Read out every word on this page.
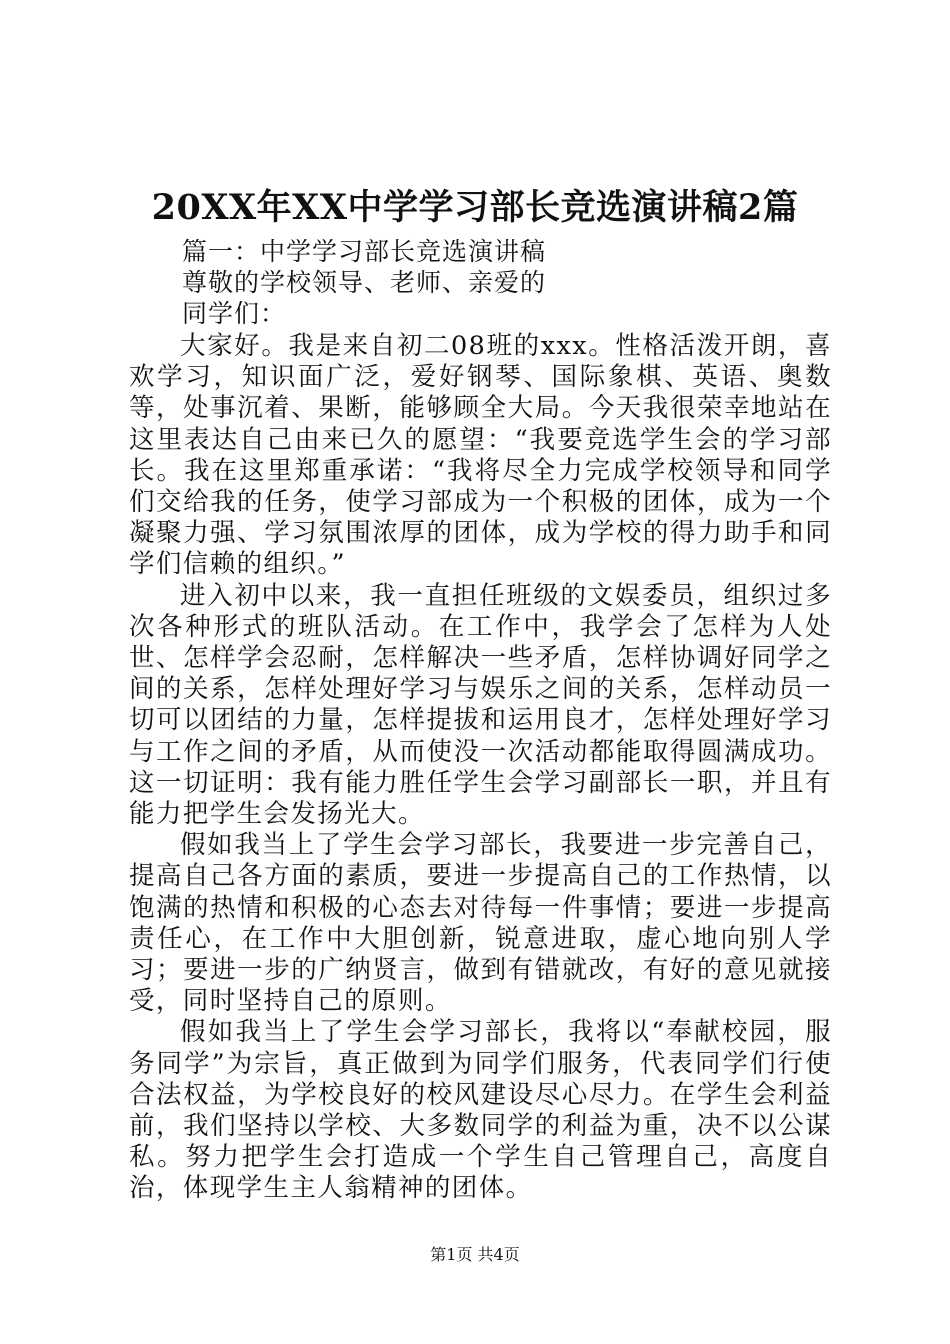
20XX年XX中学学习部长竞选演讲稿2篇
篇一：中学学习部长竞选演讲稿
尊敬的学校领导、老师、亲爱的
同学们：

大家好。我是来自初二08班的xxx。性格活泼开朗，喜欢学习，知识面广泛，爱好钢琴、国际象棋、英语、奥数等，处事沉着、果断，能够顾全大局。今天我很荣幸地站在这里表达自己由来已久的愿望：“我要竞选学生会的学习部长。我在这里郑重承诺：“我将尽全力完成学校领导和同学们交给我的任务，使学习部成为一个积极的团体，成为一个凝聚力强、学习氛围浓厚的团体，成为学校的得力助手和同学们信赖的组织。”

进入初中以来，我一直担任班级的文娱委员，组织过多次各种形式的班队活动。在工作中，我学会了怎样为人处世、怎样学会忍耐，怎样解决一些矛盾，怎样协调好同学之间的关系，怎样处理好学习与娱乐之间的关系，怎样动员一切可以团结的力量，怎样提拔和运用良才，怎样处理好学习与工作之间的矛盾，从而使没一次活动都能取得圆满成功。这一切证明：我有能力胜任学生会学习副部长一职，并且有能力把学生会发扬光大。

假如我当上了学生会学习部长，我要进一步完善自己，提高自己各方面的素质，要进一步提高自己的工作热情，以饱满的热情和积极的心态去对待每一件事情；要进一步提高责任心，在工作中大胆创新，锐意进取，虚心地向别人学习；要进一步的广纳贤言，做到有错就改，有好的意见就接受，同时坚持自己的原则。

假如我当上了学生会学习部长，我将以“奉献校园，服务同学”为宗旨，真正做到为同学们服务，代表同学们行使合法权益，为学校良好的校风建设尽心尽力。在学生会利益前，我们坚持以学校、大多数同学的利益为重，决不以公谋私。努力把学生会打造成一个学生自己管理自己，高度自治，体现学生主人翁精神的团体。

第1页 共4页
